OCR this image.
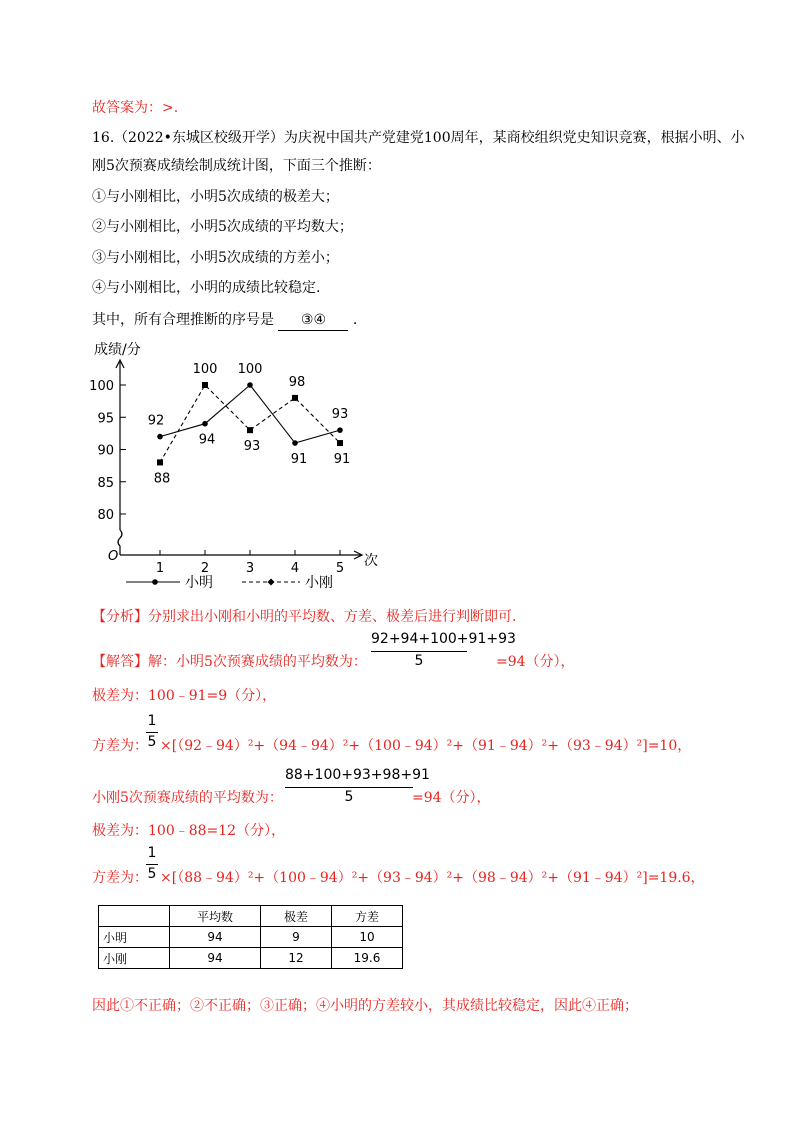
故答案为：>.
16. （2022•东城区校级开学）为庆祝中国共产党建党100周年，某商校组织党史知识竞赛，根据小明、小
刚5次预赛成绩绘制成统计图，下面三个推断：
①与小刚相比，小明5次成绩的极差大；
②与小刚相比，小明5次成绩的平均数大；
③与小刚相比，小明5次成绩的方差小；
④与小刚相比，小明的成绩比较稳定.
其中，所有合理推断的序号是 ③④ .
成绩/分
次
O
80
85
90
95
100
1	2	3	4	5
92
94
100
91
93
88
100
93
98
91
小明	小刚
【分析】分别求出小刚和小明的平均数、方差、极差后进行判断即可.
【解答】解：小明5次预赛成绩的平均数为：
92+94+100+91+93
5	=94（分），
极差为：100﹣91=9（分），
方差为：
1
5 ×[（92﹣94）²+（94﹣94）²+（100﹣94）²+（91﹣94）²+（93﹣94）²]=10，
小刚5次预赛成绩的平均数为：
88+100+93+98+91
5	=94（分），
极差为：100﹣88=12（分），
方差为：
1
5 ×[（88﹣94）²+（100﹣94）²+（93﹣94）²+（98﹣94）²+（91﹣94）²]=19.6，
	平均数	极差	方差
小明	94	9	10
小刚	94	12	19.6
因此①不正确；②不正确；③正确；④小明的方差较小，其成绩比较稳定，因此④正确；
